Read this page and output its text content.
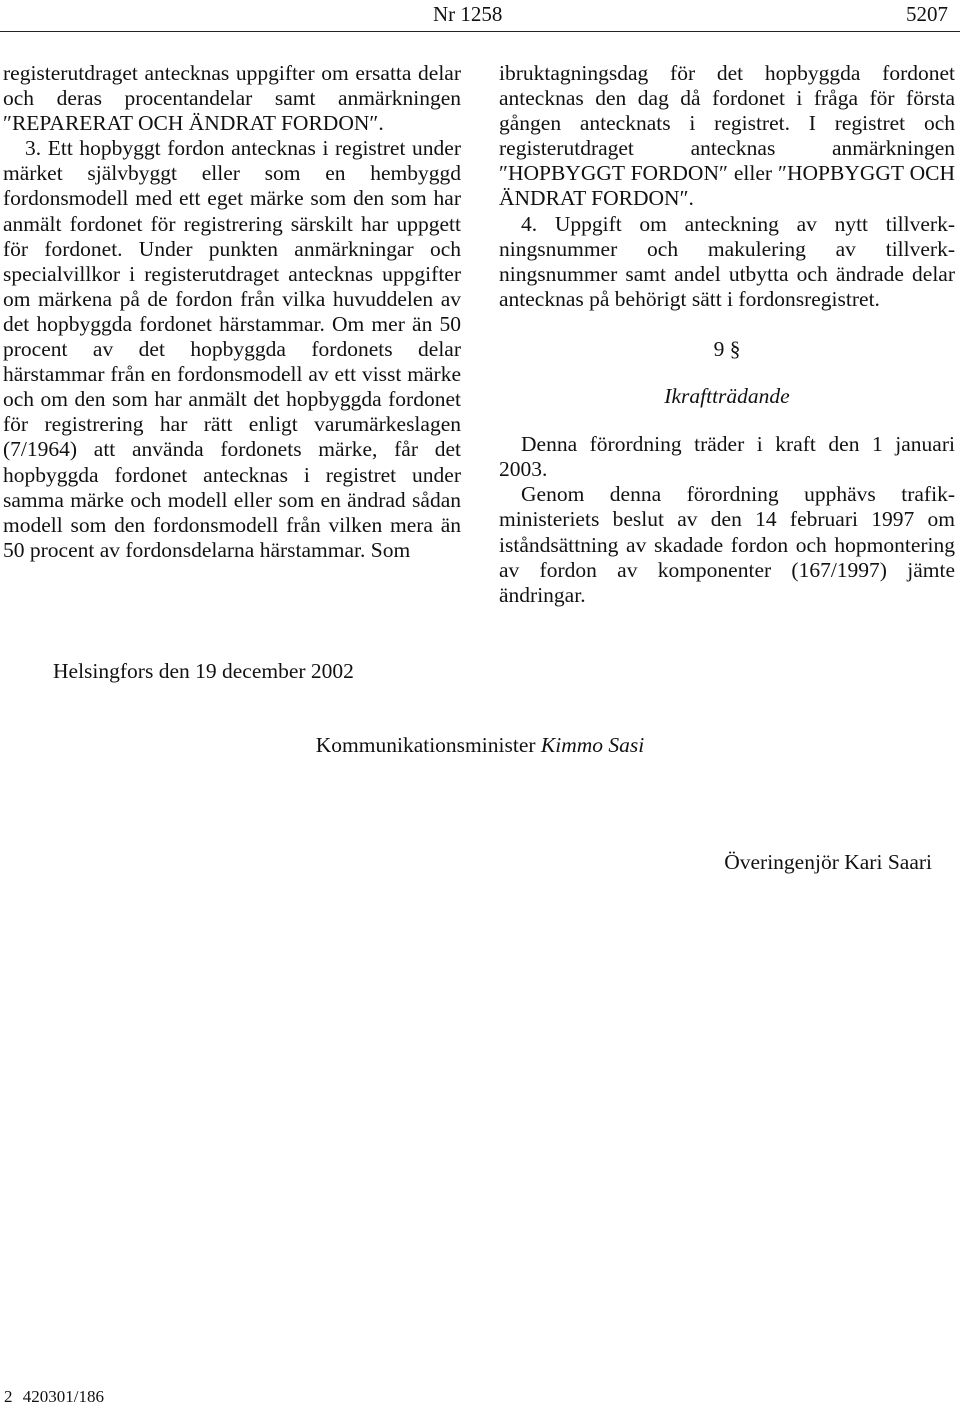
Nr 1258	5207

registerutdraget antecknas uppgifter om ersatta delar och deras procentandelar samt anmärkningen ″REPARERAT OCH ÄNDRAT FORDON″.

3. Ett hopbyggt fordon antecknas i registret under märket självbyggt eller som en hembyggd fordonsmodell med ett eget märke som den som har anmält fordonet för registrering särskilt har uppgett för fordonet. Under punkten anmärkningar och specialvillkor i registerutdraget antecknas uppgifter om märkena på de fordon från vilka huvuddelen av det hopbyggda fordonet härstammar. Om mer än 50 procent av det hopbyggda fordonets delar härstammar från en fordonsmodell av ett visst märke och om den som har anmält det hopbyggda fordonet för registrering har rätt enligt varumärkeslagen (7/1964) att använda fordonets märke, får det hopbyggda fordonet antecknas i registret under samma märke och modell eller som en ändrad sådan modell som den fordonsmodell från vilken mera än 50 procent av fordonsdelarna härstammar. Som

ibruktagningsdag för det hopbyggda fordonet antecknas den dag då fordonet i fråga för första gången antecknats i registret. I registret och registerutdraget antecknas anmärkningen ″HOPBYGGT FORDON″ eller ″HOPBYGGT OCH ÄNDRAT FORDON″.

4. Uppgift om anteckning av nytt tillverkningsnummer och makulering av tillverkningsnummer samt andel utbytta och ändrade delar antecknas på behörigt sätt i fordonsregistret.

9 §

Ikraftträdande

Denna förordning träder i kraft den 1 januari 2003.

Genom denna förordning upphävs trafikministeriets beslut av den 14 februari 1997 om iståndsättning av skadade fordon och hopmontering av fordon av komponenter (167/1997) jämte ändringar.

Helsingfors den 19 december 2002
Kommunikationsminister Kimmo Sasi
Överingenjör Kari Saari
2 420301/186
